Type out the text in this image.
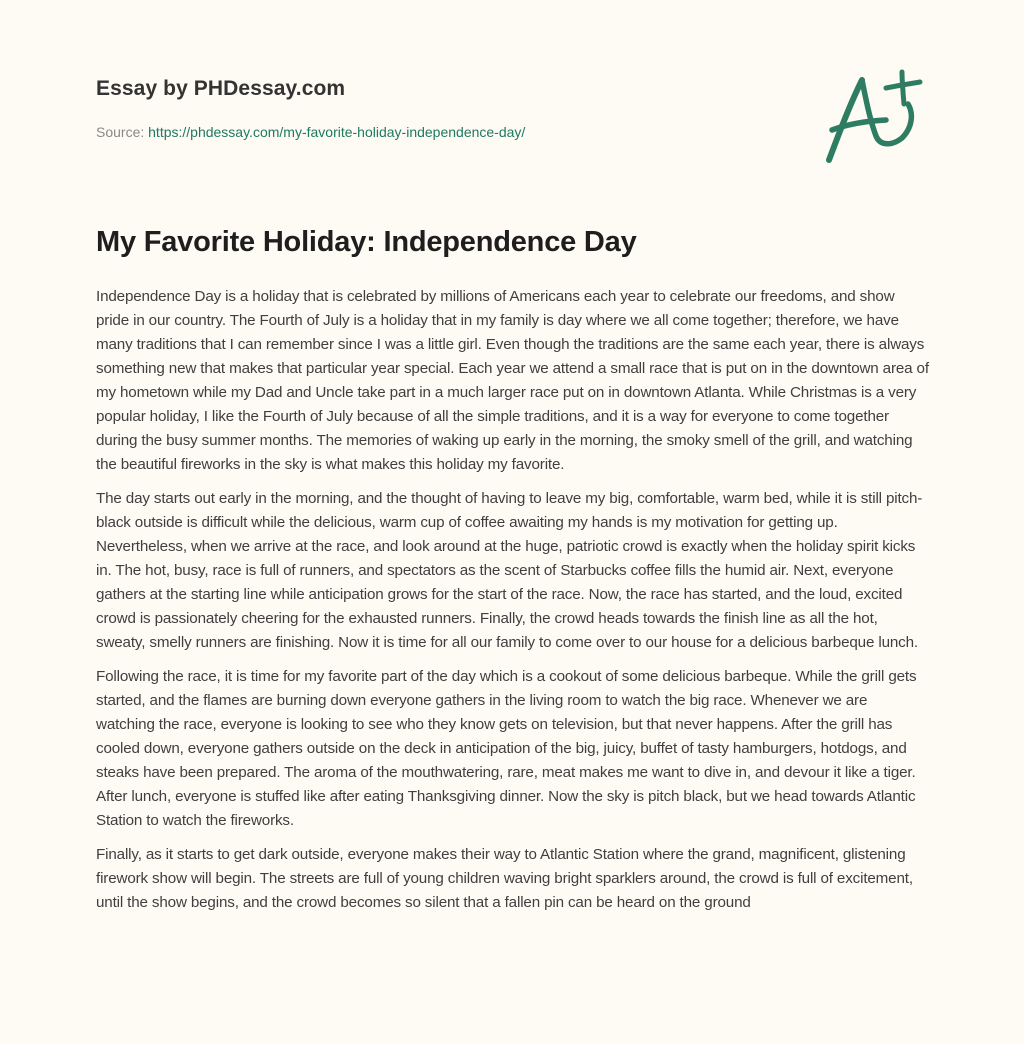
Essay by PHDessay.com
Source: https://phdessay.com/my-favorite-holiday-independence-day/
My Favorite Holiday: Independence Day

Independence Day is a holiday that is celebrated by millions of Americans each year to celebrate our freedoms, and show pride in our country. The Fourth of July is a holiday that in my family is day where we all come together; therefore, we have many traditions that I can remember since I was a little girl. Even though the traditions are the same each year, there is always something new that makes that particular year special. Each year we attend a small race that is put on in the downtown area of my hometown while my Dad and Uncle take part in a much larger race put on in downtown Atlanta. While Christmas is a very popular holiday, I like the Fourth of July because of all the simple traditions, and it is a way for everyone to come together during the busy summer months. The memories of waking up early in the morning, the smoky smell of the grill, and watching the beautiful fireworks in the sky is what makes this holiday my favorite.

The day starts out early in the morning, and the thought of having to leave my big, comfortable, warm bed, while it is still pitch-black outside is difficult while the delicious, warm cup of coffee awaiting my hands is my motivation for getting up. Nevertheless, when we arrive at the race, and look around at the huge, patriotic crowd is exactly when the holiday spirit kicks in. The hot, busy, race is full of runners, and spectators as the scent of Starbucks coffee fills the humid air. Next, everyone gathers at the starting line while anticipation grows for the start of the race. Now, the race has started, and the loud, excited crowd is passionately cheering for the exhausted runners. Finally, the crowd heads towards the finish line as all the hot, sweaty, smelly runners are finishing. Now it is time for all our family to come over to our house for a delicious barbeque lunch.

Following the race, it is time for my favorite part of the day which is a cookout of some delicious barbeque. While the grill gets started, and the flames are burning down everyone gathers in the living room to watch the big race. Whenever we are watching the race, everyone is looking to see who they know gets on television, but that never happens. After the grill has cooled down, everyone gathers outside on the deck in anticipation of the big, juicy, buffet of tasty hamburgers, hotdogs, and steaks have been prepared. The aroma of the mouthwatering, rare, meat makes me want to dive in, and devour it like a tiger. After lunch, everyone is stuffed like after eating Thanksgiving dinner. Now the sky is pitch black, but we head towards Atlantic Station to watch the fireworks.

Finally, as it starts to get dark outside, everyone makes their way to Atlantic Station where the grand, magnificent, glistening firework show will begin. The streets are full of young children waving bright sparklers around, the crowd is full of excitement, until the show begins, and the crowd becomes so silent that a fallen pin can be heard on the ground
